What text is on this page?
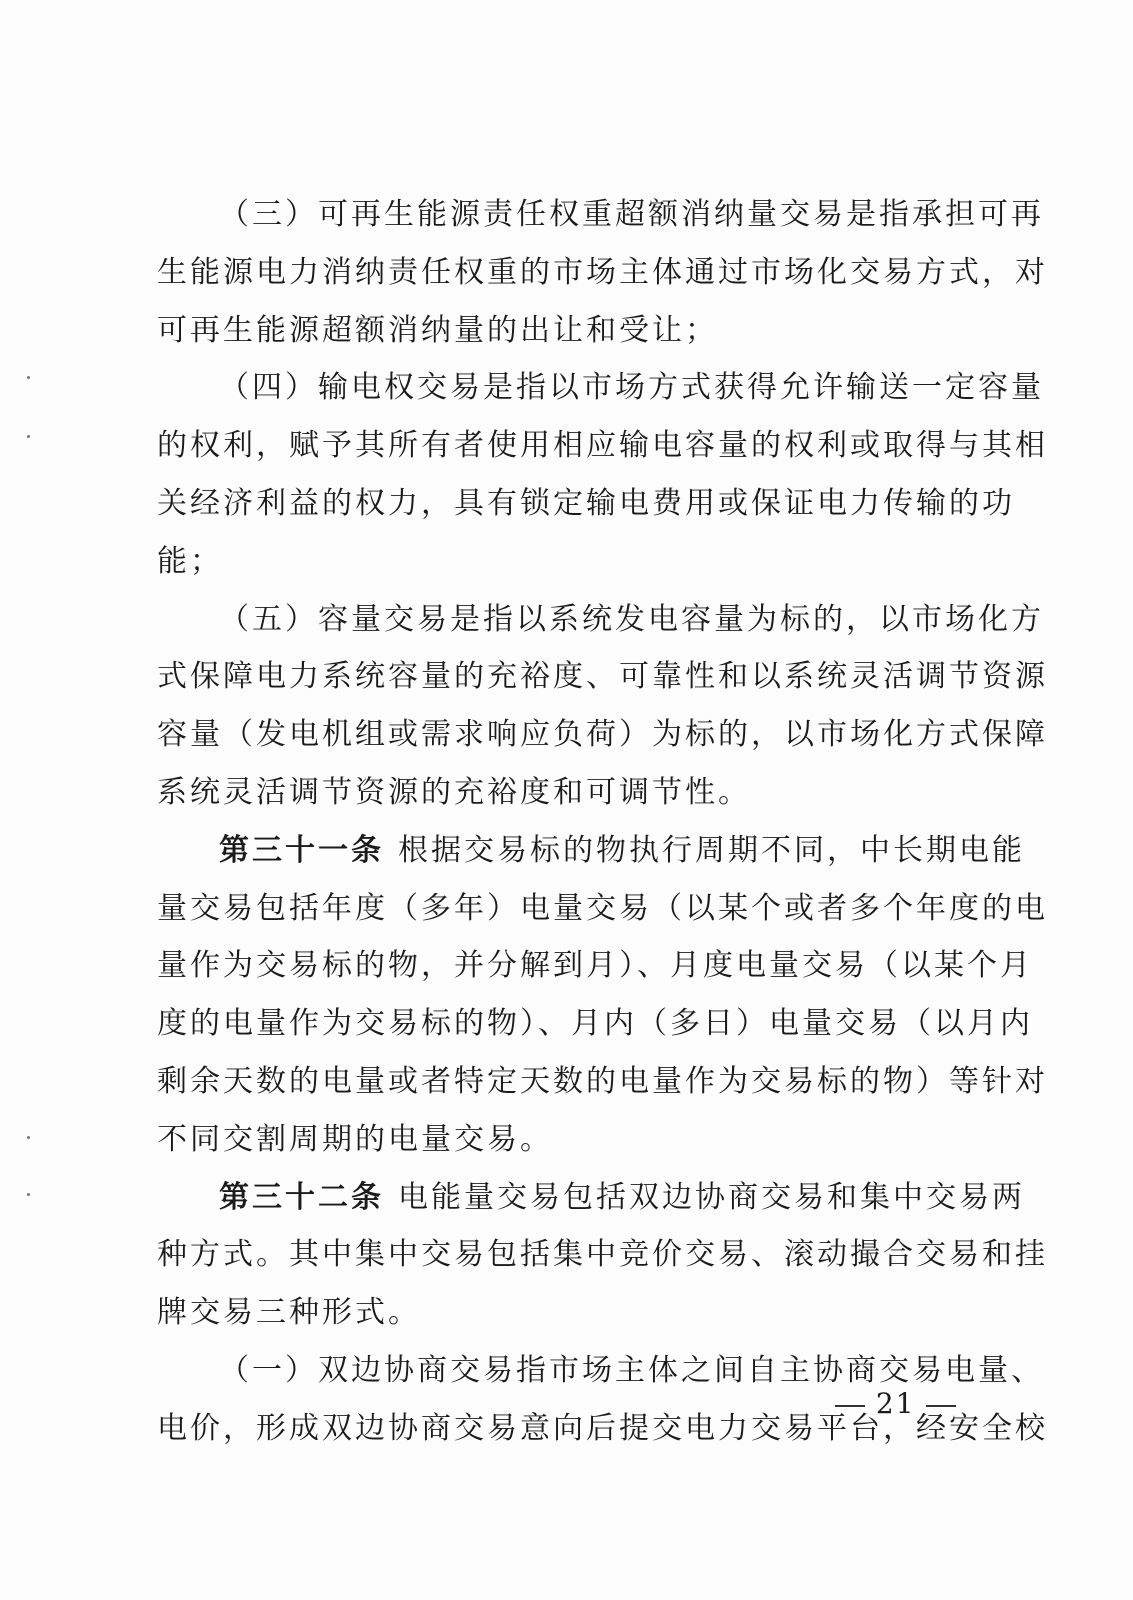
（三）可再生能源责任权重超额消纳量交易是指承担可再
生能源电力消纳责任权重的市场主体通过市场化交易方式，对
可再生能源超额消纳量的出让和受让；
（四）输电权交易是指以市场方式获得允许输送一定容量
的权利，赋予其所有者使用相应输电容量的权利或取得与其相
关经济利益的权力，具有锁定输电费用或保证电力传输的功
能；
（五）容量交易是指以系统发电容量为标的，以市场化方
式保障电力系统容量的充裕度、可靠性和以系统灵活调节资源
容量（发电机组或需求响应负荷）为标的，以市场化方式保障
系统灵活调节资源的充裕度和可调节性。
第三十一条 根据交易标的物执行周期不同，中长期电能
量交易包括年度（多年）电量交易（以某个或者多个年度的电
量作为交易标的物，并分解到月）、月度电量交易（以某个月
度的电量作为交易标的物）、月内（多日）电量交易（以月内
剩余天数的电量或者特定天数的电量作为交易标的物）等针对
不同交割周期的电量交易。
第三十二条 电能量交易包括双边协商交易和集中交易两
种方式。其中集中交易包括集中竞价交易、滚动撮合交易和挂
牌交易三种形式。
（一）双边协商交易指市场主体之间自主协商交易电量、
电价，形成双边协商交易意向后提交电力交易平台，经安全校
21
